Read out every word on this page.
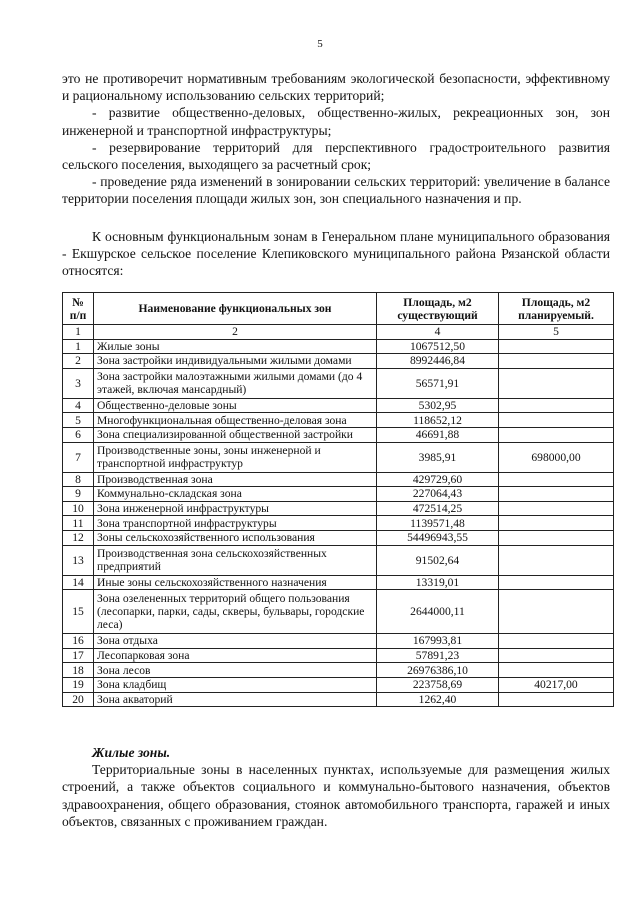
5

это не противоречит нормативным требованиям экологической безопасности, эффективному и рациональному использованию сельских территорий;

- развитие общественно-деловых, общественно-жилых, рекреационных зон, зон инженерной и транспортной инфраструктуры;

- резервирование территорий для перспективного градостроительного развития сельского поселения, выходящего за расчетный срок;

- проведение ряда изменений в зонировании сельских территорий: увеличение в балансе территории поселения площади жилых зон, зон специального назначения и пр.

К основным функциональным зонам в Генеральном плане муниципального образования - Екшурское сельское поселение Клепиковского муниципального района Рязанской области относятся:
№ п/п	Наименование функциональных зон	Площадь, м2 существующий	Площадь, м2 планируемый.
1	2	4	5
1	Жилые зоны	1067512,50	
2	Зона застройки индивидуальными жилыми домами	8992446,84	
3	Зона застройки малоэтажными жилыми домами (до 4 этажей, включая мансардный)	56571,91	
4	Общественно-деловые зоны	5302,95	
5	Многофункциональная общественно-деловая зона	118652,12	
6	Зона специализированной общественной застройки	46691,88	
7	Производственные зоны, зоны инженерной и транспортной инфраструктур	3985,91	698000,00
8	Производственная зона	429729,60	
9	Коммунально-складская зона	227064,43	
10	Зона инженерной инфраструктуры	472514,25	
11	Зона транспортной инфраструктуры	1139571,48	
12	Зоны сельскохозяйственного использования	54496943,55	
13	Производственная зона сельскохозяйственных предприятий	91502,64	
14	Иные зоны сельскохозяйственного назначения	13319,01	
15	Зона озелененных территорий общего пользования (лесопарки, парки, сады, скверы, бульвары, городские леса)	2644000,11	
16	Зона отдыха	167993,81	
17	Лесопарковая зона	57891,23	
18	Зона лесов	26976386,10	
19	Зона кладбищ	223758,69	40217,00
20	Зона акваторий	1262,40	

Жилые зоны.

Территориальные зоны в населенных пунктах, используемые для размещения жилых строений, а также объектов социального и коммунально-бытового назначения, объектов здравоохранения, общего образования, стоянок автомобильного транспорта, гаражей и иных объектов, связанных с проживанием граждан.
